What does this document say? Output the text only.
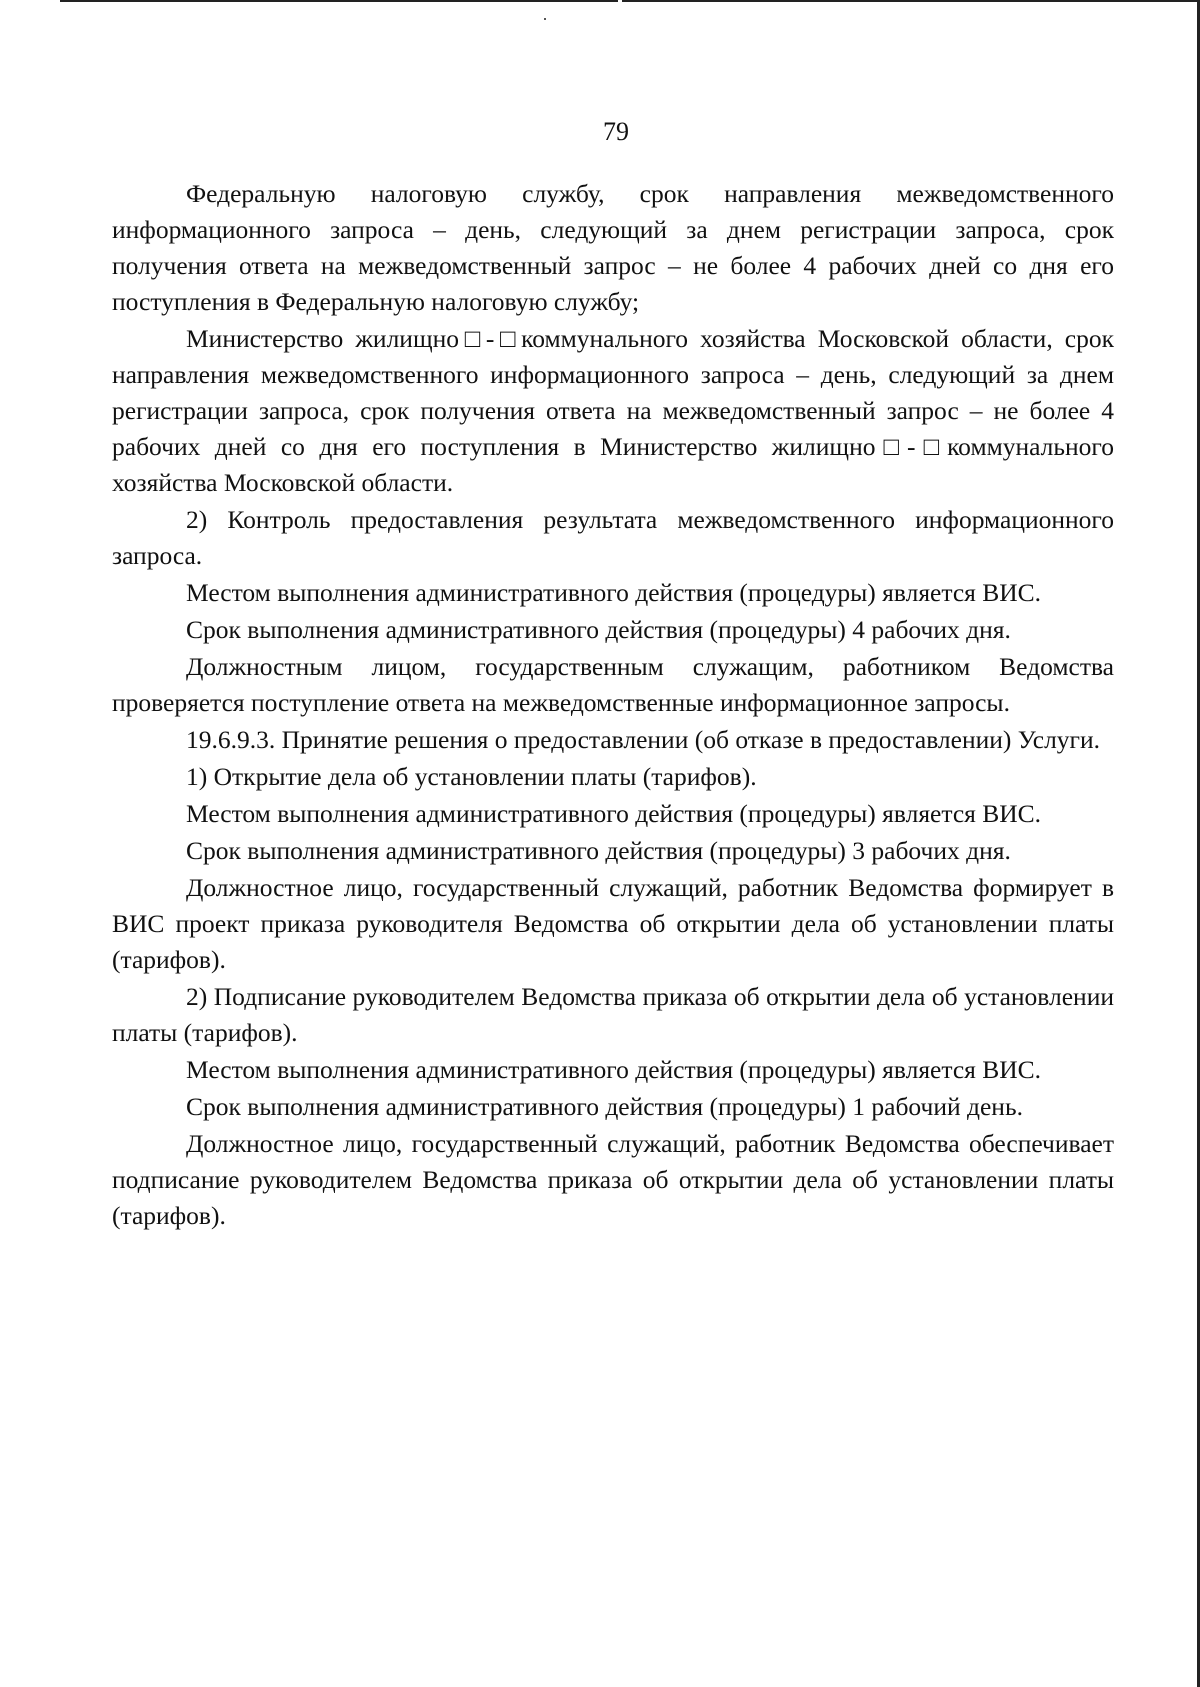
79

Федеральную налоговую службу, срок направления межведомственного информационного запроса – день, следующий за днем регистрации запроса, срок получения ответа на межведомственный запрос – не более 4 рабочих дней со дня его поступления в Федеральную налоговую службу;

Министерство жилищно□-□коммунального хозяйства Московской области, срок направления межведомственного информационного запроса – день, следующий за днем регистрации запроса, срок получения ответа на межведомственный запрос – не более 4 рабочих дней со дня его поступления в Министерство жилищно□-□коммунального хозяйства Московской области.

2) Контроль предоставления результата межведомственного информационного запроса.

Местом выполнения административного действия (процедуры) является ВИС.

Срок выполнения административного действия (процедуры) 4 рабочих дня.

Должностным лицом, государственным служащим, работником Ведомства проверяется поступление ответа на межведомственные информационное запросы.

19.6.9.3. Принятие решения о предоставлении (об отказе в предоставлении) Услуги.

1) Открытие дела об установлении платы (тарифов).

Местом выполнения административного действия (процедуры) является ВИС.

Срок выполнения административного действия (процедуры) 3 рабочих дня.

Должностное лицо, государственный служащий, работник Ведомства формирует в ВИС проект приказа руководителя Ведомства об открытии дела об установлении платы (тарифов).

2) Подписание руководителем Ведомства приказа об открытии дела об установлении платы (тарифов).

Местом выполнения административного действия (процедуры) является ВИС.

Срок выполнения административного действия (процедуры) 1 рабочий день.

Должностное лицо, государственный служащий, работник Ведомства обеспечивает подписание руководителем Ведомства приказа об открытии дела об установлении платы (тарифов).
